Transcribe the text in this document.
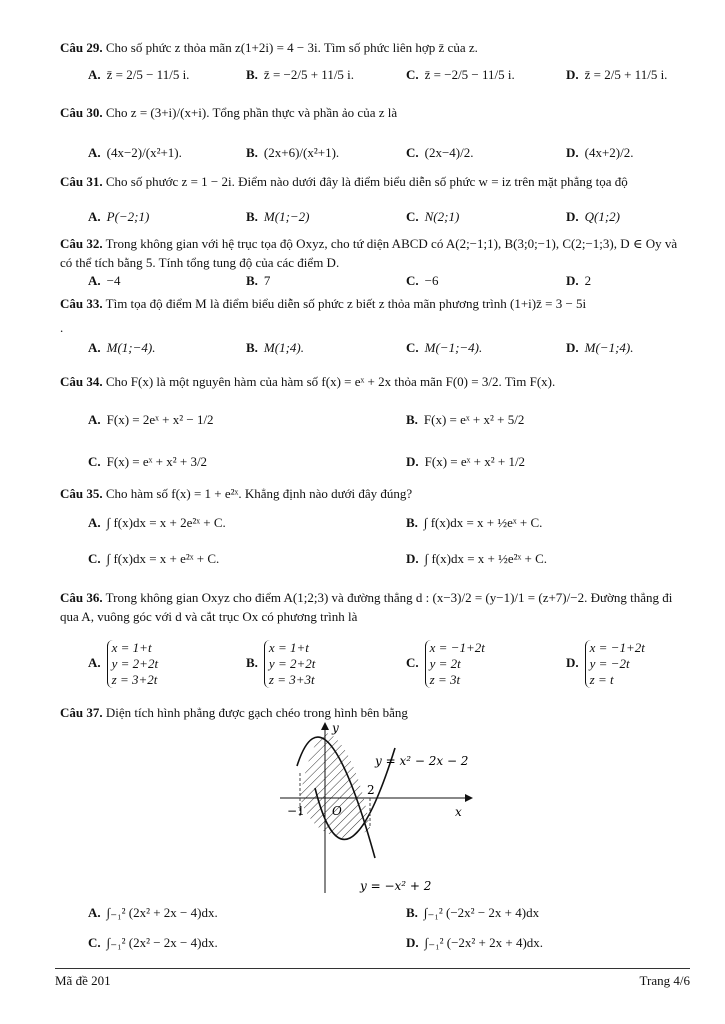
Câu 29. Cho số phức z thỏa mãn z(1+2i) = 4 − 3i. Tìm số phức liên hợp z̄ của z.
A. z̄ = 2/5 − 11/5 i.	B. z̄ = −2/5 + 11/5 i.	C. z̄ = −2/5 − 11/5 i.	D. z̄ = 2/5 + 11/5 i.
Câu 30. Cho z = (3+i)/(x+i). Tổng phần thực và phần ảo của z là
A. (4x−2)/(x²+1).	B. (2x+6)/(x²+1).	C. (2x−4)/2.	D. (4x+2)/2.
Câu 31. Cho số phước z = 1 − 2i. Điểm nào dưới đây là điểm biểu diễn số phức w = iz trên mặt phẳng tọa độ
A. P(−2;1)	B. M(1;−2)	C. N(2;1)	D. Q(1;2)
Câu 32. Trong không gian với hệ trục tọa độ Oxyz, cho tứ diện ABCD có A(2;−1;1), B(3;0;−1), C(2;−1;3), D ∈ Oy và có thể tích bằng 5. Tính tổng tung độ của các điểm D.
A. −4	B. 7	C. −6	D. 2
Câu 33. Tìm tọa độ điểm M là điểm biểu diễn số phức z biết z thỏa mãn phương trình (1+i)z̄ = 3 − 5i
.
A. M(1;−4).	B. M(1;4).	C. M(−1;−4).	D. M(−1;4).
Câu 34. Cho F(x) là một nguyên hàm của hàm số f(x) = eˣ + 2x thỏa mãn F(0) = 3/2. Tìm F(x).
A. F(x) = 2eˣ + x² − 1/2	B. F(x) = eˣ + x² + 5/2
C. F(x) = eˣ + x² + 3/2	D. F(x) = eˣ + x² + 1/2
Câu 35. Cho hàm số f(x) = 1 + e²ˣ. Khẳng định nào dưới đây đúng?
A. ∫ f(x)dx = x + 2e²ˣ + C.	B. ∫ f(x)dx = x + ½eˣ + C.
C. ∫ f(x)dx = x + e²ˣ + C.	D. ∫ f(x)dx = x + ½e²ˣ + C.
Câu 36. Trong không gian Oxyz cho điểm A(1;2;3) và đường thẳng d : (x−3)/2 = (y−1)/1 = (z+7)/−2. Đường thẳng đi qua A, vuông góc với d và cắt trục Ox có phương trình là
A.x = 1+t
y = 2+2t
z = 3+2t
B.x = 1+t
y = 2+2t
z = 3+3t
C.x = −1+2t
y = 2t
z = 3t
D.x = −1+2t
y = −2t
z = t
Câu 37. Diện tích hình phẳng được gạch chéo trong hình bên bằng
y
x
O
−1
2
y = x² − 2x − 2
y = −x² + 2
A. ∫₋₁² (2x² + 2x − 4)dx.	B. ∫₋₁² (−2x² − 2x + 4)dx
C. ∫₋₁² (2x² − 2x − 4)dx.	D. ∫₋₁² (−2x² + 2x + 4)dx.
Mã đề 201	Trang 4/6
